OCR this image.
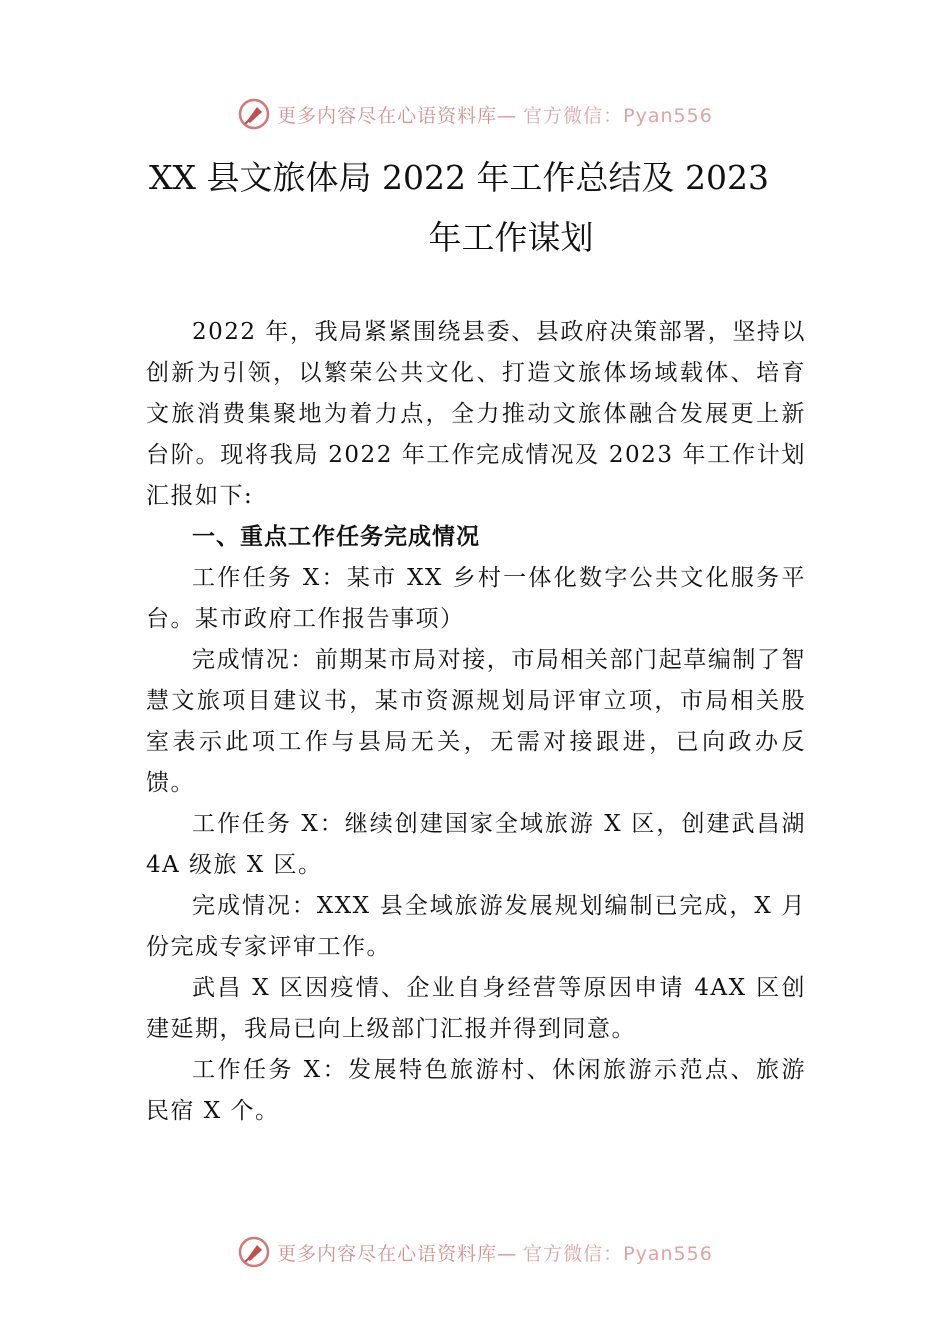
更多内容尽在心语资料库— 官方微信：Pyan556
XX 县文旅体局 2022 年工作总结及 2023
年工作谋划

2022 年，我局紧紧围绕县委、县政府决策部署，坚持以创新为引领，以繁荣公共文化、打造文旅体场域载体、培育文旅消费集聚地为着力点，全力推动文旅体融合发展更上新台阶。现将我局 2022 年工作完成情况及 2023 年工作计划汇报如下:

一、重点工作任务完成情况

工作任务 X：某市 XX 乡村一体化数字公共文化服务平台。某市政府工作报告事项）

完成情况：前期某市局对接，市局相关部门起草编制了智慧文旅项目建议书，某市资源规划局评审立项，市局相关股室表示此项工作与县局无关，无需对接跟进，已向政办反馈。

工作任务 X：继续创建国家全域旅游 X 区，创建武昌湖 4A 级旅 X 区。

完成情况：XXX 县全域旅游发展规划编制已完成，X 月份完成专家评审工作。

武昌 X 区因疫情、企业自身经营等原因申请 4AX 区创建延期，我局已向上级部门汇报并得到同意。

工作任务 X：发展特色旅游村、休闲旅游示范点、旅游民宿 X 个。

更多内容尽在心语资料库— 官方微信：Pyan556
